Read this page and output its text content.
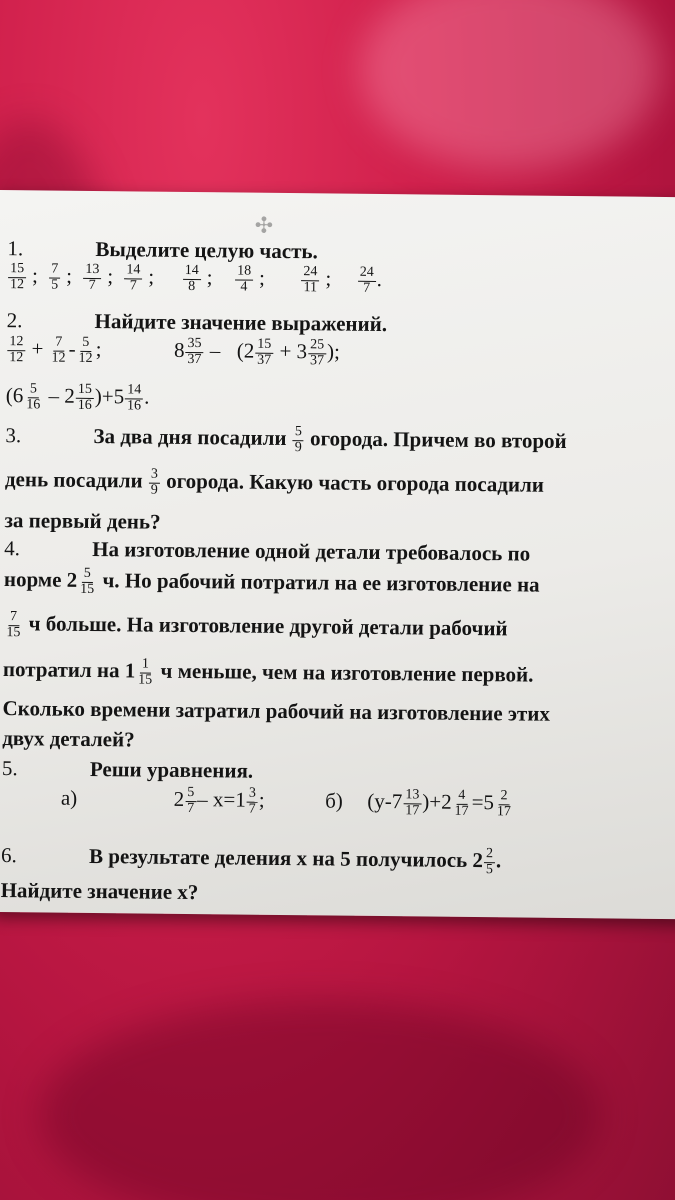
✣
1.	Выделите целую часть.
$\frac{15}{12}$ ; $\frac{7}{5}$ ; $\frac{13}{7}$ ; $\frac{14}{7}$ ; $\frac{14}{8}$ ; $\frac{18}{4}$ ;	$\frac{24}{11}$ ; $\frac{24}{7}$ .
2.	Найдите значение выражений.
$\frac{12}{12} + \frac{7}{12} - \frac{5}{12}$ ;	$8 \frac{35}{37} - (2 \frac{15}{37} + 3 \frac{25}{37}$ );
$(6 \frac{5}{16} - 2 \frac{15}{16} )+5 \frac{14}{16}$ .
3.	За два дня посадили $\frac{5}{9}$ огорода. Причем во второй
день посадили $\frac{3}{9}$ огорода. Какую часть огорода посадили
за первый день?
4.	На изготовление одной детали требовалось по
норме $2 \frac{5}{15} ч$. Но рабочий потратил на ее изготовление на
$\frac{7}{15}$ ч больше. На изготовление другой детали рабочий
потратил на $1 \frac{1}{15}$ ч меньше, чем на изготовление первой.
Сколько времени затратил рабочий на изготовление этих
двух деталей?
5.	Реши уравнения.
а)	$2 \frac{5}{7} - х=1 \frac{3}{7}$ ;	б) $(у-7 \frac{13}{17} )+2 \frac{4}{17} =5 \frac{2}{17}$
6.	В результате деления х на 5 получилось $2 \frac{2}{5}$ .
Найдите значение х?
